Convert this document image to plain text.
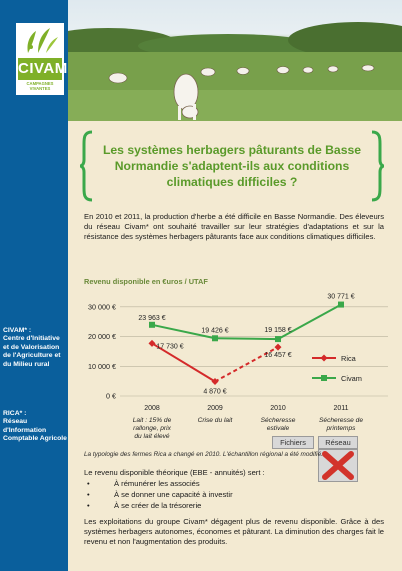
CIVAM
CAMPAGNES VIVANTES
CIVAM* :
Centre d'Initiative et de Valorisation de l'Agriculture et du Milieu rural
RICA* :
Réseau d'Information Comptable Agricole
Les systèmes herbagers pâturants de Basse Normandie s'adaptent-ils aux conditions climatiques difficiles ?
En 2010 et 2011, la production d'herbe a été difficile en Basse Normandie. Des éleveurs du réseau Civam* ont souhaité travailler sur leur stratégies d'adaptations et sur la résistance des systèmes herbagers pâturants face aux conditions climatiques difficiles.
Revenu disponible en €uros / UTAF
0 €
10 000 €
20 000 €
30 000 €
2008
Lait : 15% de
rallonge, prix
du lait élevé
2009
Crise du lait
2010
Sécheresse
estivale
2011
Sécheresse de
printemps
23 963 €
19 426 €	19 158 €
30 771 €
17 730 €
4 870 €
16 457 €
Civam
Rica
Fichiers	Réseau
La typologie des fermes Rica a changé en 2010. L'échantillon régional a été modifié.
Le revenu disponible théorique (EBE - annuités) sert :
• À rémunérer les associés
• À se donner une capacité à investir
• À se créer de la trésorerie
Les exploitations du groupe Civam* dégagent plus de revenu disponible. Grâce à des systèmes herbagers autonomes, économes et pâturant. La diminution des charges fait le revenu et non l'augmentation des produits.
